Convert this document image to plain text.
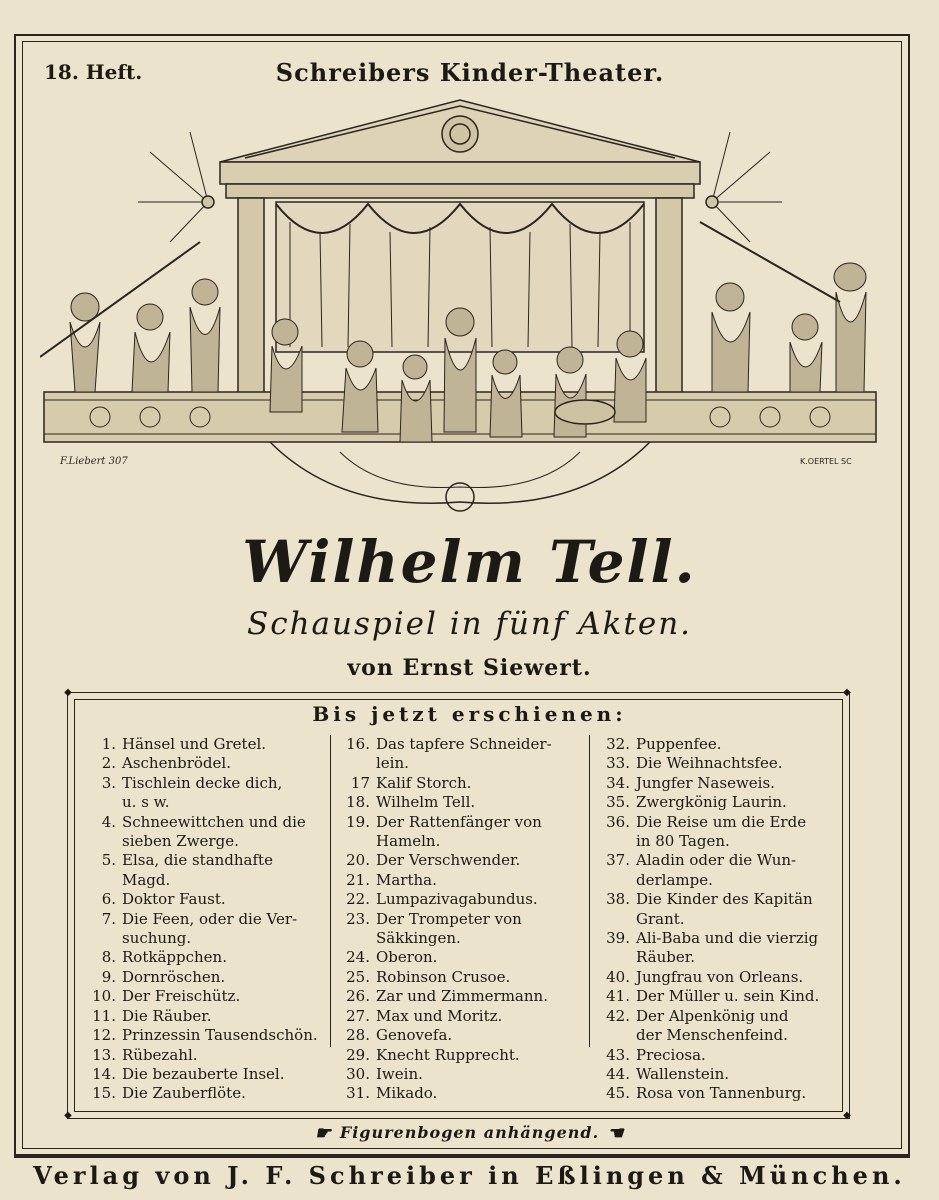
18. Heft.	Schreibers Kinder-Theater.
F.Liebert 307	K.OERTEL SC
Wilhelm Tell.
Schauspiel in fünf Akten.
von Ernst Siewert.
◆	◆
◆	◆
Bis jetzt erschienen:
1. Hänsel und Gretel.
2. Aschenbrödel.
3. Tischlein decke dich,
u. s w.
4. Schneewittchen und die
sieben Zwerge.
5. Elsa, die standhafte
Magd.
6. Doktor Faust.
7. Die Feen, oder die Ver-
suchung.
8. Rotkäppchen.
9. Dornröschen.
10. Der Freischütz.
11. Die Räuber.
12. Prinzessin Tausendschön.
13. Rübezahl.
14. Die bezauberte Insel.
15. Die Zauberflöte.
16. Das tapfere Schneider-
lein.
17 Kalif Storch.
18. Wilhelm Tell.
19. Der Rattenfänger von
Hameln.
20. Der Verschwender.
21. Martha.
22. Lumpazivagabundus.
23. Der Trompeter von
Säkkingen.
24. Oberon.
25. Robinson Crusoe.
26. Zar und Zimmermann.
27. Max und Moritz.
28. Genovefa.
29. Knecht Rupprecht.
30. Iwein.
31. Mikado.
32. Puppenfee.
33. Die Weihnachtsfee.
34. Jungfer Naseweis.
35. Zwergkönig Laurin.
36. Die Reise um die Erde
in 80 Tagen.
37. Aladin oder die Wun-
derlampe.
38. Die Kinder des Kapitän
Grant.
39. Ali-Baba und die vierzig
Räuber.
40. Jungfrau von Orleans.
41. Der Müller u. sein Kind.
42. Der Alpenkönig und
der Menschenfeind.
43. Preciosa.
44. Wallenstein.
45. Rosa von Tannenburg.
☛ Figurenbogen anhängend. ☚
Verlag von J. F. Schreiber in Eßlingen & München.
